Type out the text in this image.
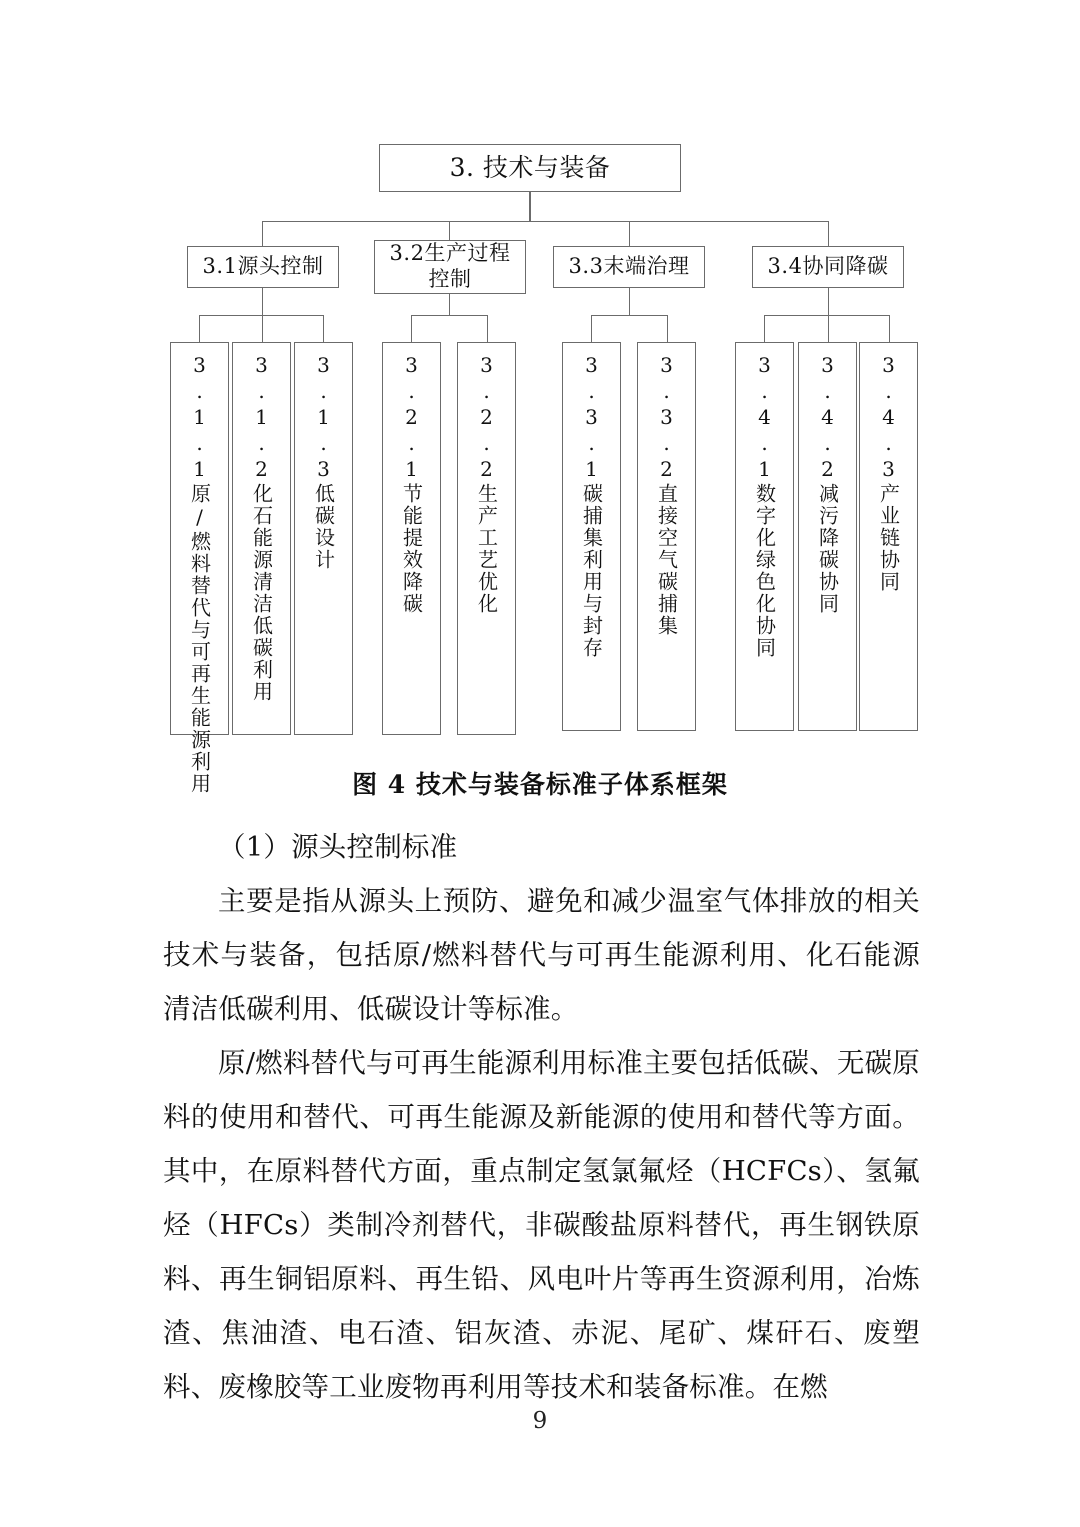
3. 技术与装备
3.1源头控制
3.2生产过程控制
3.3末端治理	3.4协同降碳
3.1.1原/燃料替代与可再生能源利用	3.1.2化石能源清洁低碳利用	3.1.3低碳设计	3.2.1节能提效降碳	3.2.2生产工艺优化	3.3.1碳捕集利用与封存	3.3.2直接空气碳捕集	3.4.1数字化绿色化协同	3.4.2减污降碳协同	3.4.3产业链协同
图 4 技术与装备标准子体系框架

（1）源头控制标准

主要是指从源头上预防、避免和减少温室气体排放的相关技术与装备，包括原/燃料替代与可再生能源利用、化石能源清洁低碳利用、低碳设计等标准。

原/燃料替代与可再生能源利用标准主要包括低碳、无碳原料的使用和替代、可再生能源及新能源的使用和替代等方面。其中，在原料替代方面，重点制定氢氯氟烃（HCFCs）、氢氟烃（HFCs）类制冷剂替代，非碳酸盐原料替代，再生钢铁原料、再生铜铝原料、再生铅、风电叶片等再生资源利用，冶炼渣、焦油渣、电石渣、铝灰渣、赤泥、尾矿、煤矸石、废塑料、废橡胶等工业废物再利用等技术和装备标准。在燃

9
